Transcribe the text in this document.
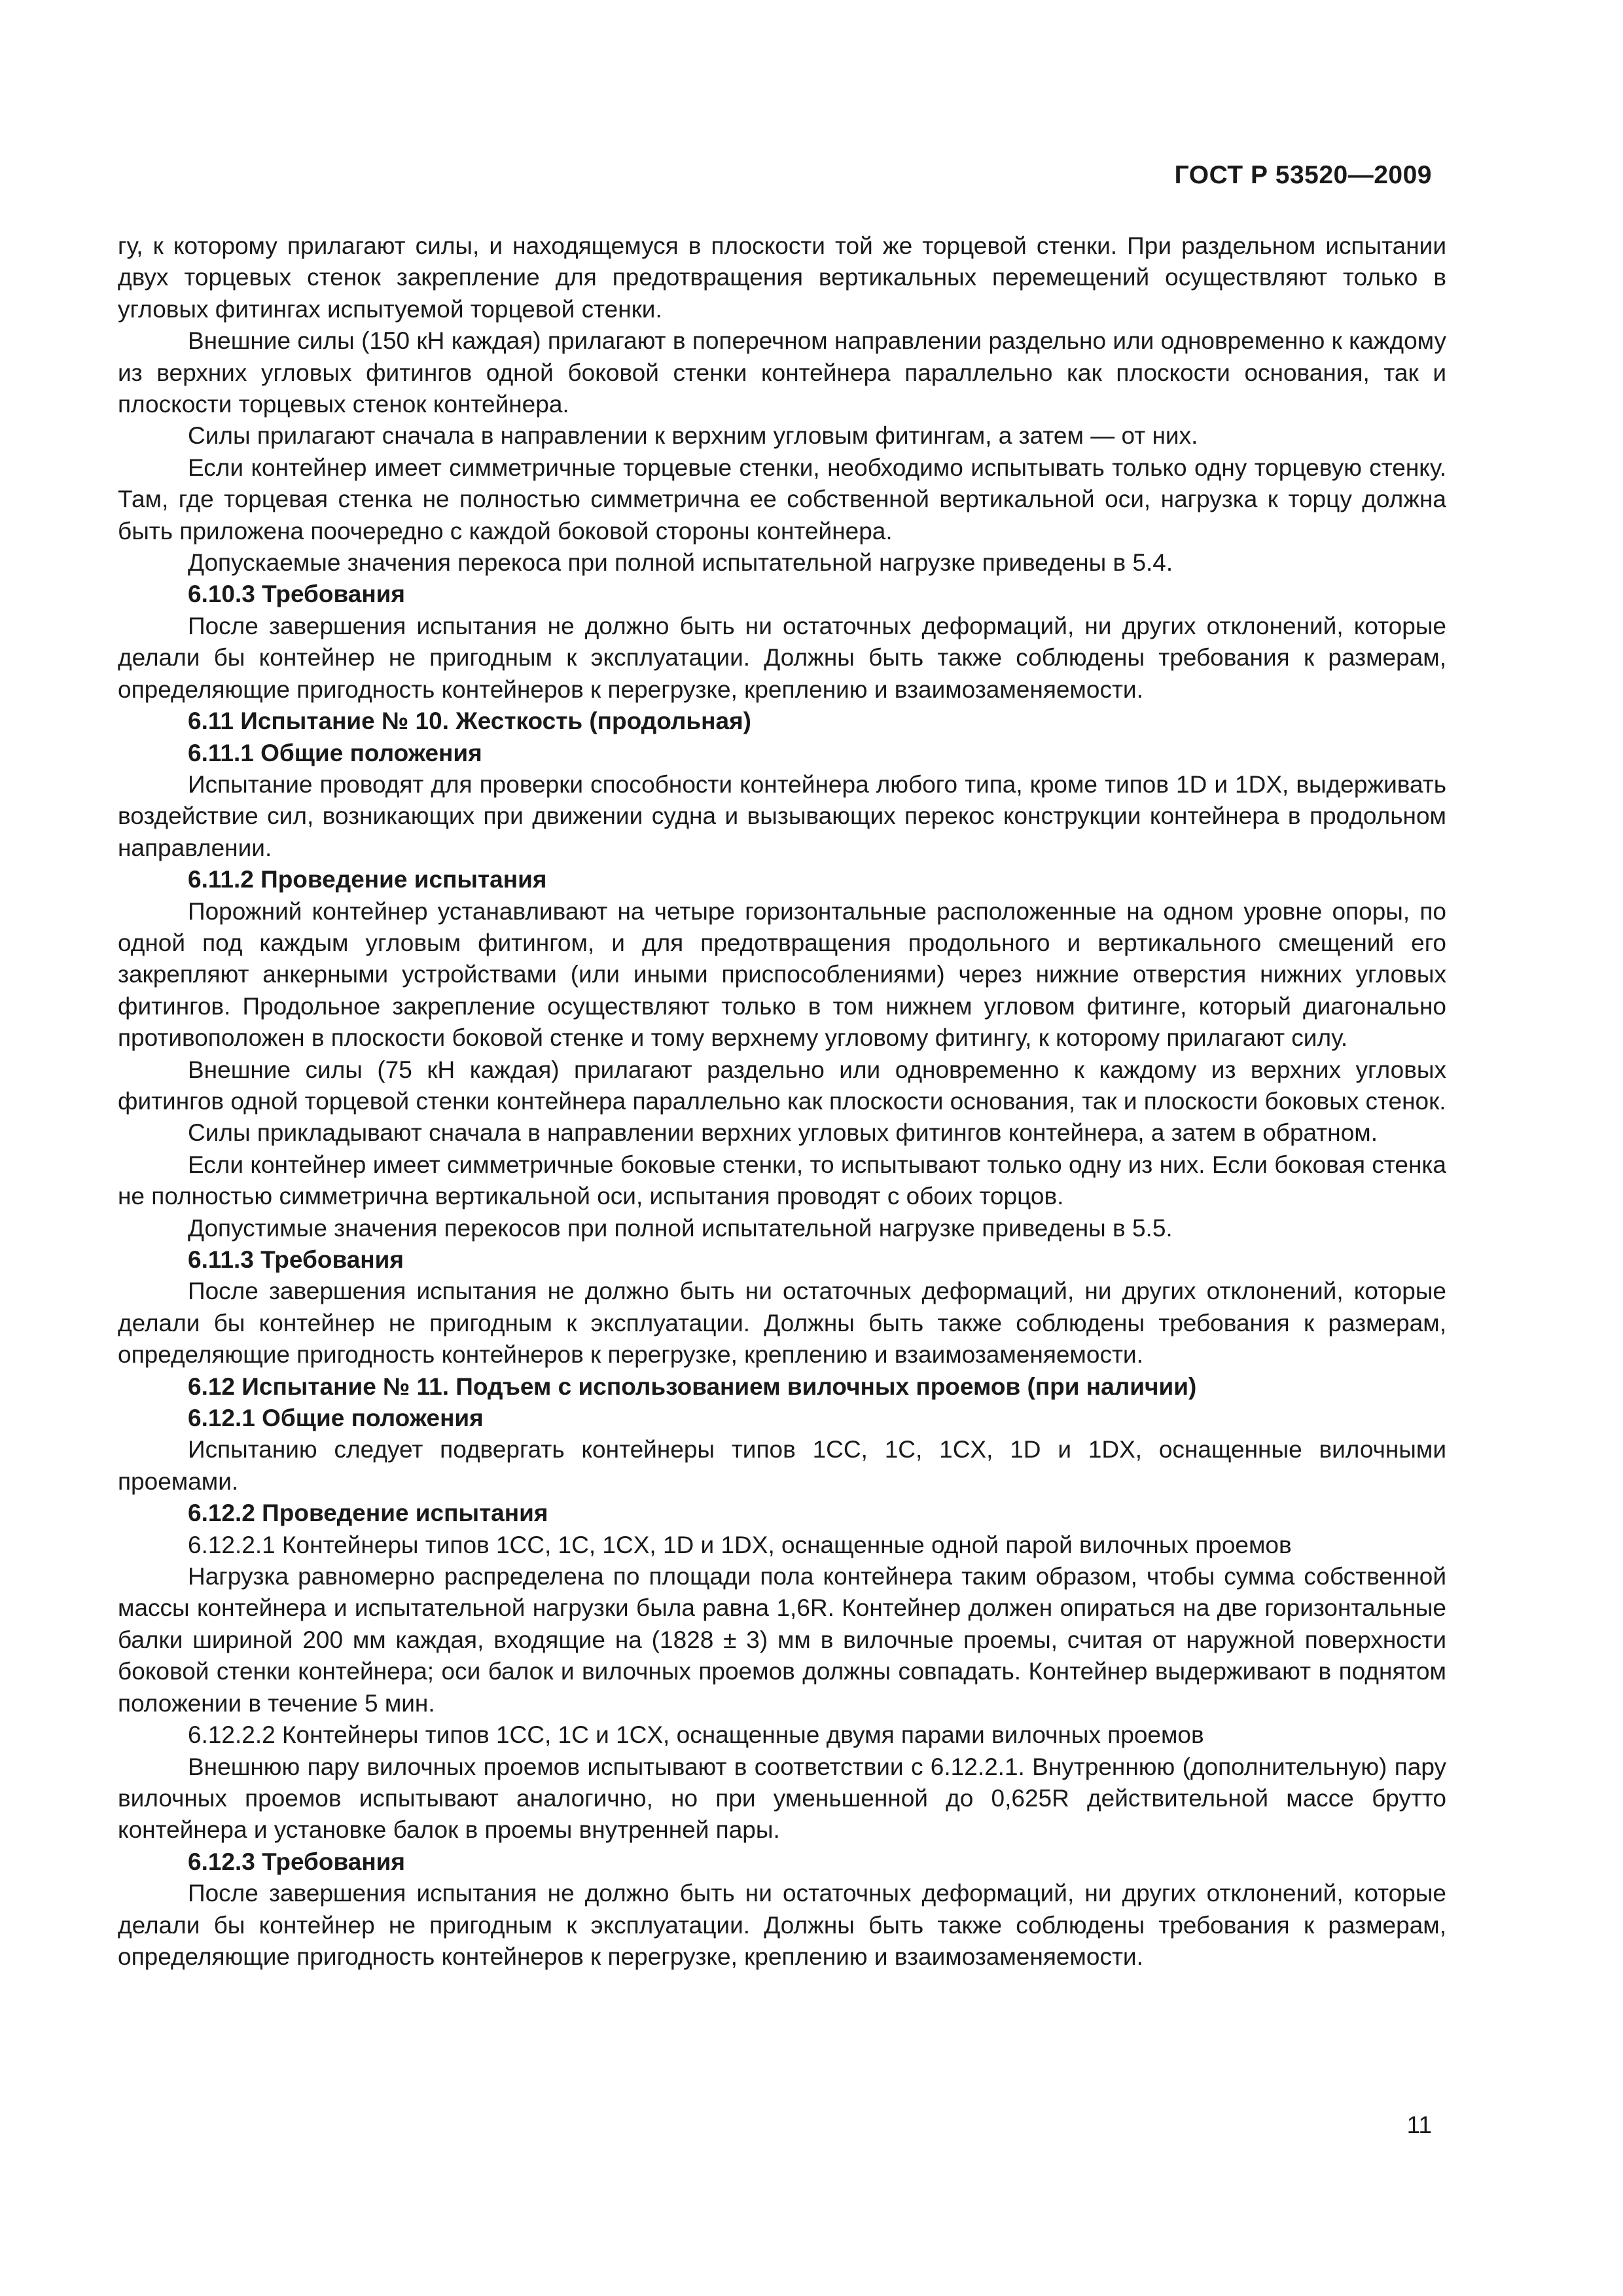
ГОСТ Р 53520—2009

гу, к которому прилагают силы, и находящемуся в плоскости той же торцевой стенки. При раздельном испытании двух торцевых стенок закрепление для предотвращения вертикальных перемещений осуществляют только в угловых фитингах испытуемой торцевой стенки.

Внешние силы (150 кН каждая) прилагают в поперечном направлении раздельно или одновременно к каждому из верхних угловых фитингов одной боковой стенки контейнера параллельно как плоскости основания, так и плоскости торцевых стенок контейнера.

Силы прилагают сначала в направлении к верхним угловым фитингам, а затем — от них.

Если контейнер имеет симметричные торцевые стенки, необходимо испытывать только одну торцевую стенку. Там, где торцевая стенка не полностью симметрична ее собственной вертикальной оси, нагрузка к торцу должна быть приложена поочередно с каждой боковой стороны контейнера.

Допускаемые значения перекоса при полной испытательной нагрузке приведены в 5.4.

6.10.3 Требования

После завершения испытания не должно быть ни остаточных деформаций, ни других отклонений, которые делали бы контейнер не пригодным к эксплуатации. Должны быть также соблюдены требования к размерам, определяющие пригодность контейнеров к перегрузке, креплению и взаимозаменяемости.

6.11 Испытание № 10. Жесткость (продольная)

6.11.1 Общие положения

Испытание проводят для проверки способности контейнера любого типа, кроме типов 1D и 1DX, выдерживать воздействие сил, возникающих при движении судна и вызывающих перекос конструкции контейнера в продольном направлении.

6.11.2 Проведение испытания

Порожний контейнер устанавливают на четыре горизонтальные расположенные на одном уровне опоры, по одной под каждым угловым фитингом, и для предотвращения продольного и вертикального смещений его закрепляют анкерными устройствами (или иными приспособлениями) через нижние отверстия нижних угловых фитингов. Продольное закрепление осуществляют только в том нижнем угловом фитинге, который диагонально противоположен в плоскости боковой стенке и тому верхнему угловому фитингу, к которому прилагают силу.

Внешние силы (75 кН каждая) прилагают раздельно или одновременно к каждому из верхних угловых фитингов одной торцевой стенки контейнера параллельно как плоскости основания, так и плоскости боковых стенок.

Силы прикладывают сначала в направлении верхних угловых фитингов контейнера, а затем в обратном.

Если контейнер имеет симметричные боковые стенки, то испытывают только одну из них. Если боковая стенка не полностью симметрична вертикальной оси, испытания проводят с обоих торцов.

Допустимые значения перекосов при полной испытательной нагрузке приведены в 5.5.

6.11.3 Требования

После завершения испытания не должно быть ни остаточных деформаций, ни других отклонений, которые делали бы контейнер не пригодным к эксплуатации. Должны быть также соблюдены требования к размерам, определяющие пригодность контейнеров к перегрузке, креплению и взаимозаменяемости.

6.12 Испытание № 11. Подъем с использованием вилочных проемов (при наличии)

6.12.1 Общие положения

Испытанию следует подвергать контейнеры типов 1CC, 1C, 1CX, 1D и 1DX, оснащенные вилочными проемами.

6.12.2 Проведение испытания

6.12.2.1 Контейнеры типов 1CC, 1C, 1CX, 1D и 1DX, оснащенные одной парой вилочных проемов

Нагрузка равномерно распределена по площади пола контейнера таким образом, чтобы сумма собственной массы контейнера и испытательной нагрузки была равна 1,6R. Контейнер должен опираться на две горизонтальные балки шириной 200 мм каждая, входящие на (1828 ± 3) мм в вилочные проемы, считая от наружной поверхности боковой стенки контейнера; оси балок и вилочных проемов должны совпадать. Контейнер выдерживают в поднятом положении в течение 5 мин.

6.12.2.2 Контейнеры типов 1CC, 1C и 1CX, оснащенные двумя парами вилочных проемов

Внешнюю пару вилочных проемов испытывают в соответствии с 6.12.2.1. Внутреннюю (дополнительную) пару вилочных проемов испытывают аналогично, но при уменьшенной до 0,625R действительной массе брутто контейнера и установке балок в проемы внутренней пары.

6.12.3 Требования

После завершения испытания не должно быть ни остаточных деформаций, ни других отклонений, которые делали бы контейнер не пригодным к эксплуатации. Должны быть также соблюдены требования к размерам, определяющие пригодность контейнеров к перегрузке, креплению и взаимозаменяемости.

11
